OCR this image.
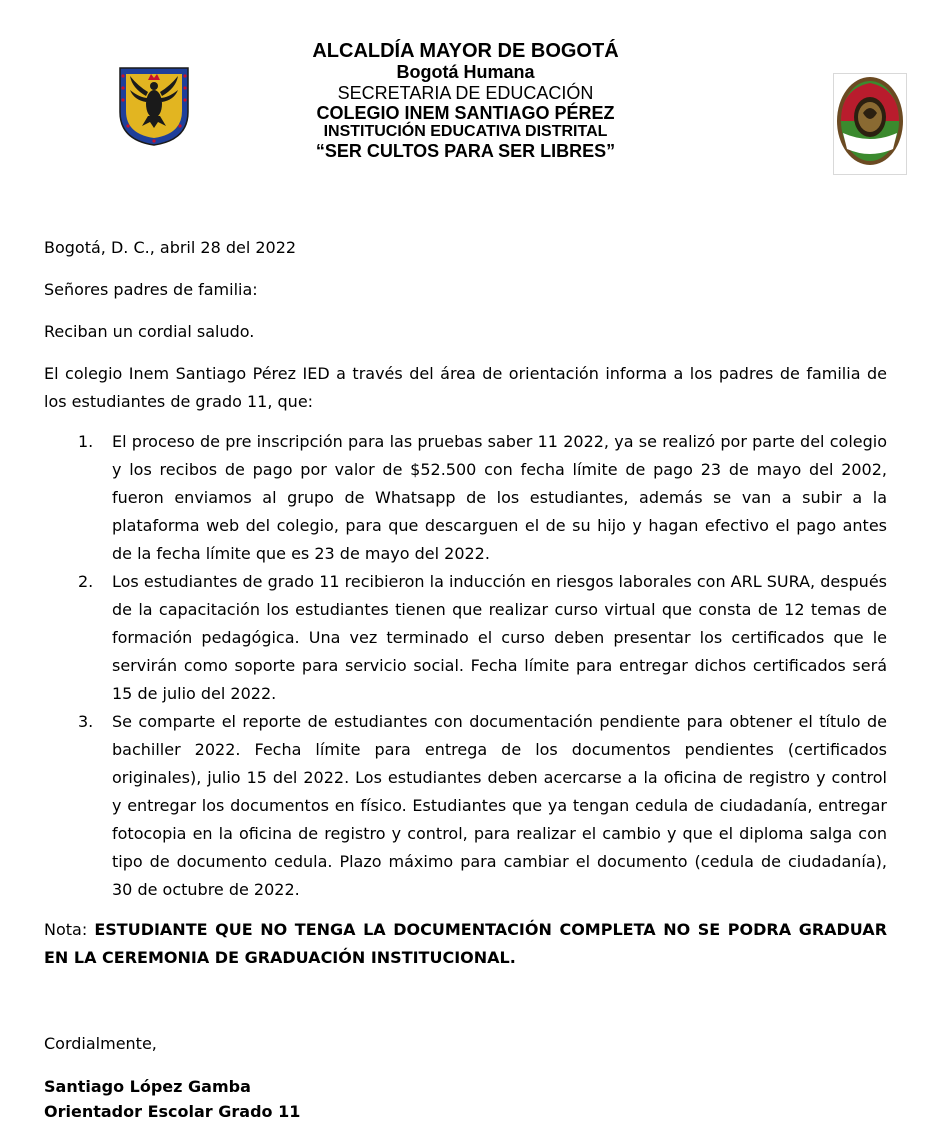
ALCALDÍA MAYOR DE BOGOTÁ
Bogotá Humana
SECRETARIA DE EDUCACIÓN
COLEGIO INEM SANTIAGO PÉREZ
INSTITUCIÓN EDUCATIVA DISTRITAL
“SER CULTOS PARA SER LIBRES”

Bogotá, D. C., abril 28 del 2022

Señores padres de familia:

Reciban un cordial saludo.

El colegio Inem Santiago Pérez IED a través del área de orientación informa a los padres de familia de los estudiantes de grado 11, que:

1. El proceso de pre inscripción para las pruebas saber 11 2022, ya se realizó por parte del colegio y los recibos de pago por valor de $52.500 con fecha límite de pago 23 de mayo del 2002, fueron enviamos al grupo de Whatsapp de los estudiantes, además se van a subir a la plataforma web del colegio, para que descarguen el de su hijo y hagan efectivo el pago antes de la fecha límite que es 23 de mayo del 2022.
2. Los estudiantes de grado 11 recibieron la inducción en riesgos laborales con ARL SURA, después de la capacitación los estudiantes tienen que realizar curso virtual que consta de 12 temas de formación pedagógica. Una vez terminado el curso deben presentar los certificados que le servirán como soporte para servicio social. Fecha límite para entregar dichos certificados será 15 de julio del 2022.
3. Se comparte el reporte de estudiantes con documentación pendiente para obtener el título de bachiller 2022. Fecha límite para entrega de los documentos pendientes (certificados originales), julio 15 del 2022. Los estudiantes deben acercarse a la oficina de registro y control y entregar los documentos en físico. Estudiantes que ya tengan cedula de ciudadanía, entregar fotocopia en la oficina de registro y control, para realizar el cambio y que el diploma salga con tipo de documento cedula. Plazo máximo para cambiar el documento (cedula de ciudadanía), 30 de octubre de 2022.

Nota: ESTUDIANTE QUE NO TENGA LA DOCUMENTACIÓN COMPLETA NO SE PODRA GRADUAR EN LA CEREMONIA DE GRADUACIÓN INSTITUCIONAL.

Cordialmente,
Santiago López Gamba
Orientador Escolar Grado 11
